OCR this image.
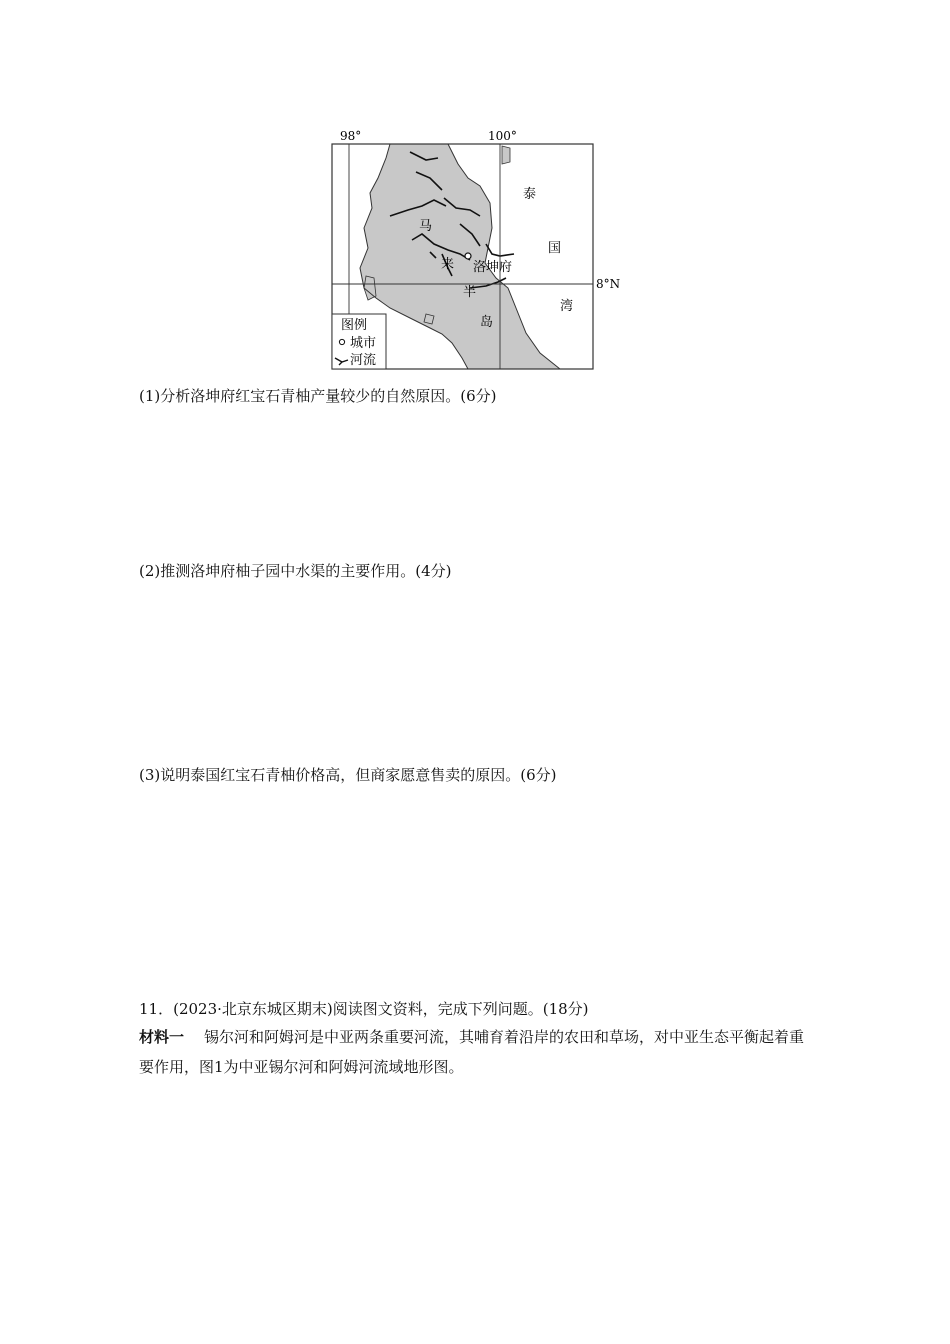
98°	100°
8°N
马
来
半
岛
泰
国
湾
洛坤府
图例
城市
河流
(1)分析洛坤府红宝石青柚产量较少的自然原因。(6分)
(2)推测洛坤府柚子园中水渠的主要作用。(4分)
(3)说明泰国红宝石青柚价格高，但商家愿意售卖的原因。(6分)
11．(2023·北京东城区期末)阅读图文资料，完成下列问题。(18分)
材料一 锡尔河和阿姆河是中亚两条重要河流，其哺育着沿岸的农田和草场，对中亚生态平衡起着重要作用，图1为中亚锡尔河和阿姆河流域地形图。
